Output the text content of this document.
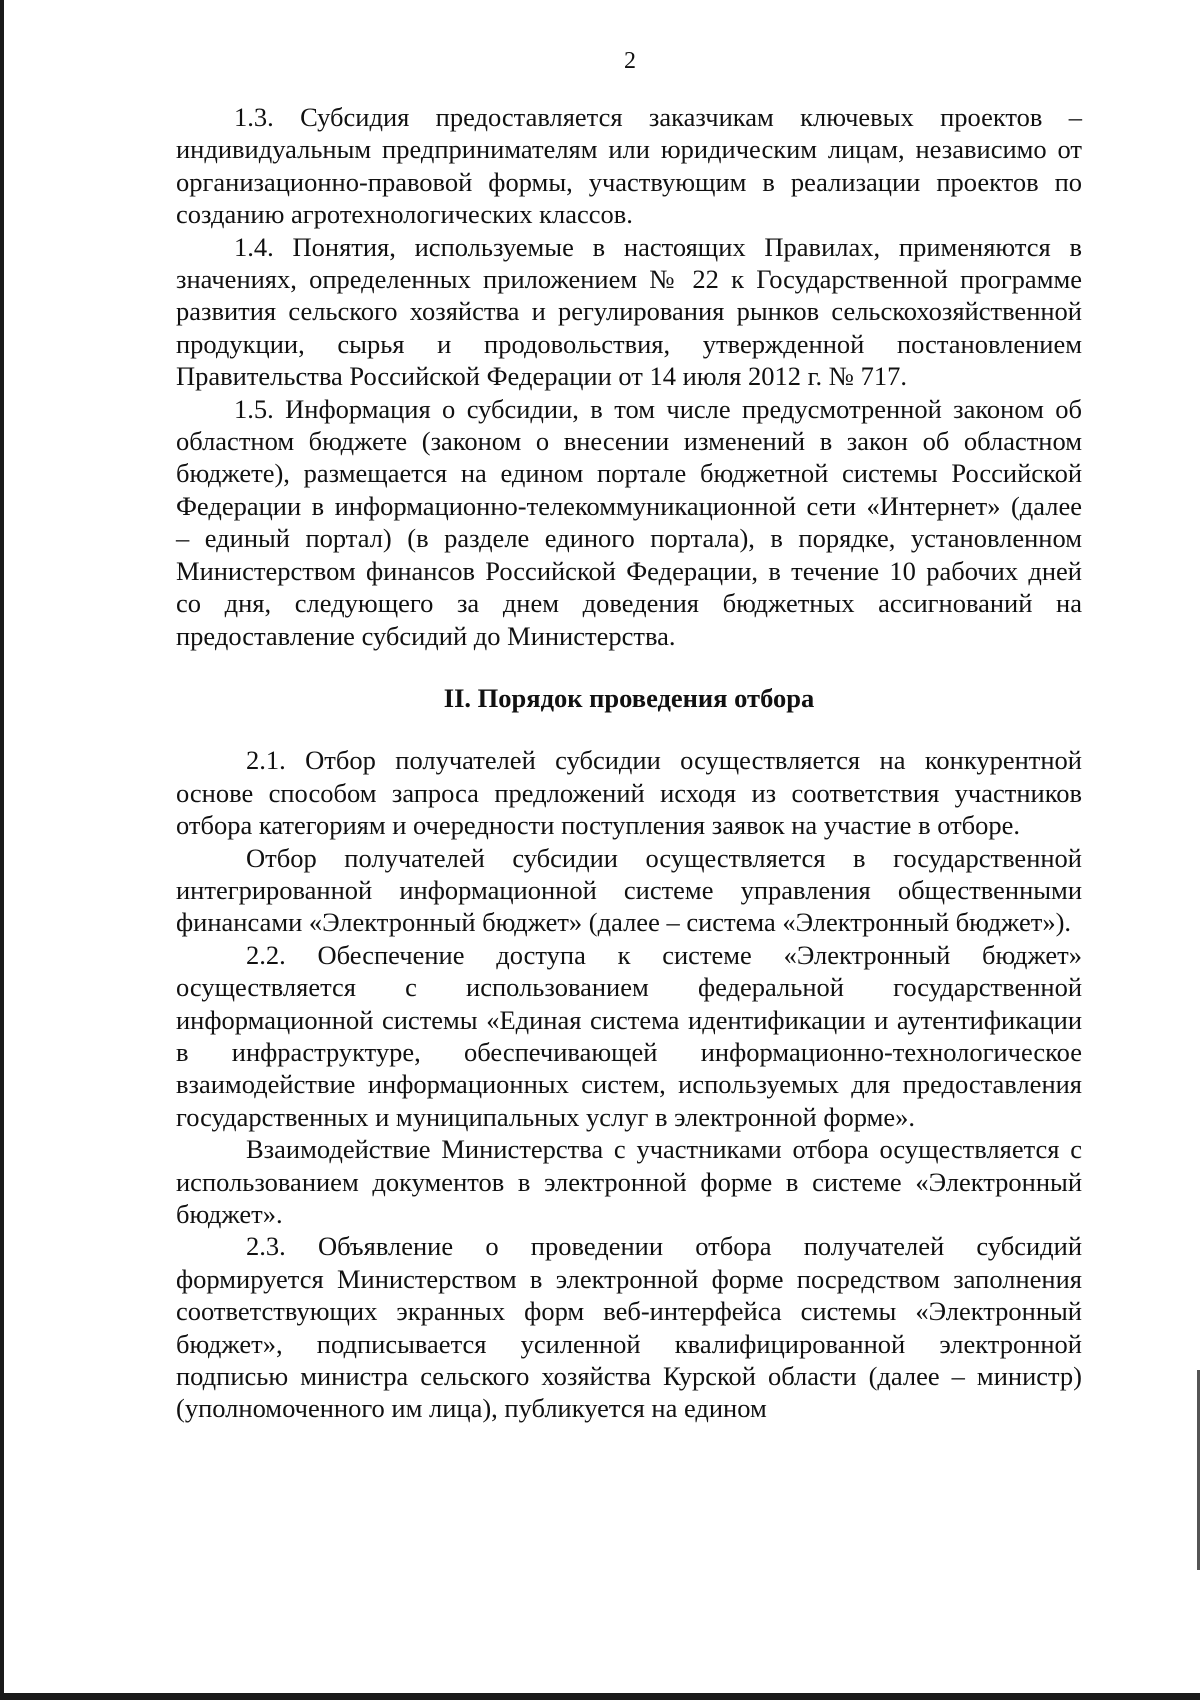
2

1.3. Субсидия предоставляется заказчикам ключевых проектов – индивидуальным предпринимателям или юридическим лицам, независимо от организационно-правовой формы, участвующим в реализации проектов по созданию агротехнологических классов.

1.4. Понятия, используемые в настоящих Правилах, применяются в значениях, определенных приложением № 22 к Государственной программе развития сельского хозяйства и регулирования рынков сельскохозяйственной продукции, сырья и продовольствия, утвержденной постановлением Правительства Российской Федерации от 14 июля 2012 г. № 717.

1.5. Информация о субсидии, в том числе предусмотренной законом об областном бюджете (законом о внесении изменений в закон об областном бюджете), размещается на едином портале бюджетной системы Российской Федерации в информационно-телекоммуникационной сети «Интернет» (далее – единый портал) (в разделе единого портала), в порядке, установленном Министерством финансов Российской Федерации, в течение 10 рабочих дней со дня, следующего за днем доведения бюджетных ассигнований на предоставление субсидий до Министерства.

II. Порядок проведения отбора

2.1. Отбор получателей субсидии осуществляется на конкурентной основе способом запроса предложений исходя из соответствия участников отбора категориям и очередности поступления заявок на участие в отборе.

Отбор получателей субсидии осуществляется в государственной интегрированной информационной системе управления общественными финансами «Электронный бюджет» (далее – система «Электронный бюджет»).

2.2. Обеспечение доступа к системе «Электронный бюджет» осуществляется с использованием федеральной государственной информационной системы «Единая система идентификации и аутентификации в инфраструктуре, обеспечивающей информационно-технологическое взаимодействие информационных систем, используемых для предоставления государственных и муниципальных услуг в электронной форме».

Взаимодействие Министерства с участниками отбора осуществляется с использованием документов в электронной форме в системе «Электронный бюджет».

2.3. Объявление о проведении отбора получателей субсидий формируется Министерством в электронной форме посредством заполнения соответствующих экранных форм веб-интерфейса системы «Электронный бюджет», подписывается усиленной квалифицированной электронной подписью министра сельского хозяйства Курской области (далее – министр) (уполномоченного им лица), публикуется на едином
